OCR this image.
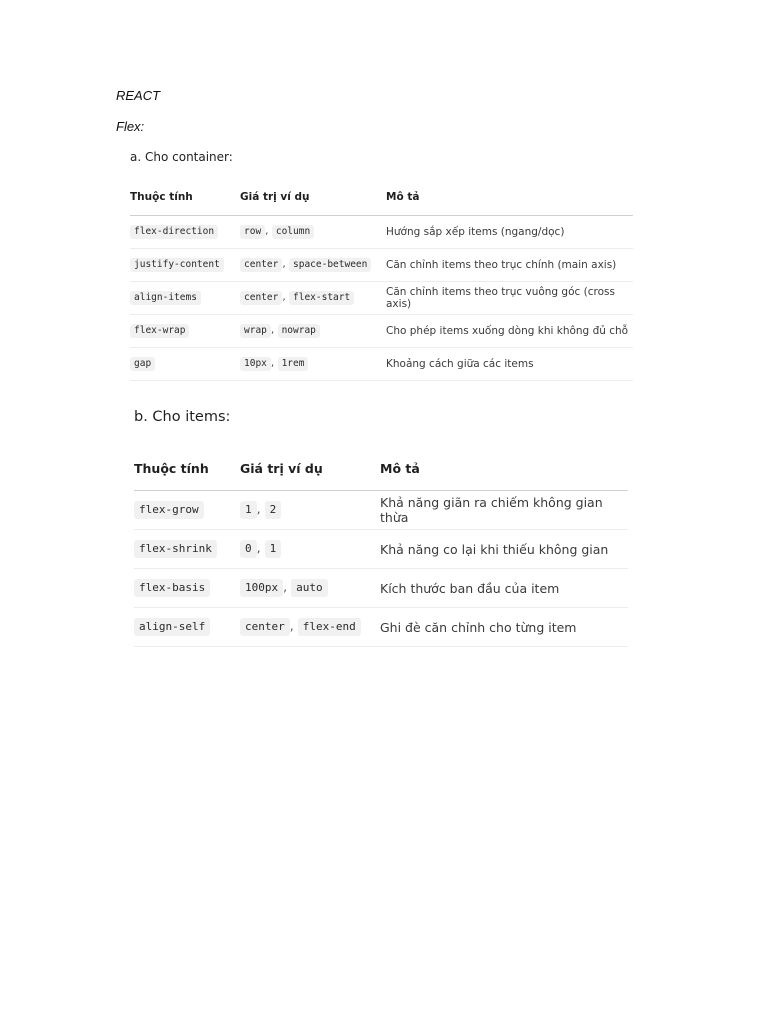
REACT
Flex:
a. Cho container:
Thuộc tính	Giá trị ví dụ	Mô tả
flex-direction	row , column	Hướng sắp xếp items (ngang/dọc)
justify-content	center , space-between	Căn chỉnh items theo trục chính (main axis)
align-items	center , flex-start	Căn chỉnh items theo trục vuông góc (cross axis)
flex-wrap	wrap , nowrap	Cho phép items xuống dòng khi không đủ chỗ
gap	10px , 1rem	Khoảng cách giữa các items
b. Cho items:
Thuộc tính	Giá trị ví dụ	Mô tả
flex-grow	1 , 2	Khả năng giãn ra chiếm không gian thừa
flex-shrink	0 , 1	Khả năng co lại khi thiếu không gian
flex-basis	100px , auto	Kích thước ban đầu của item
align-self	center , flex-end	Ghi đè căn chỉnh cho từng item
